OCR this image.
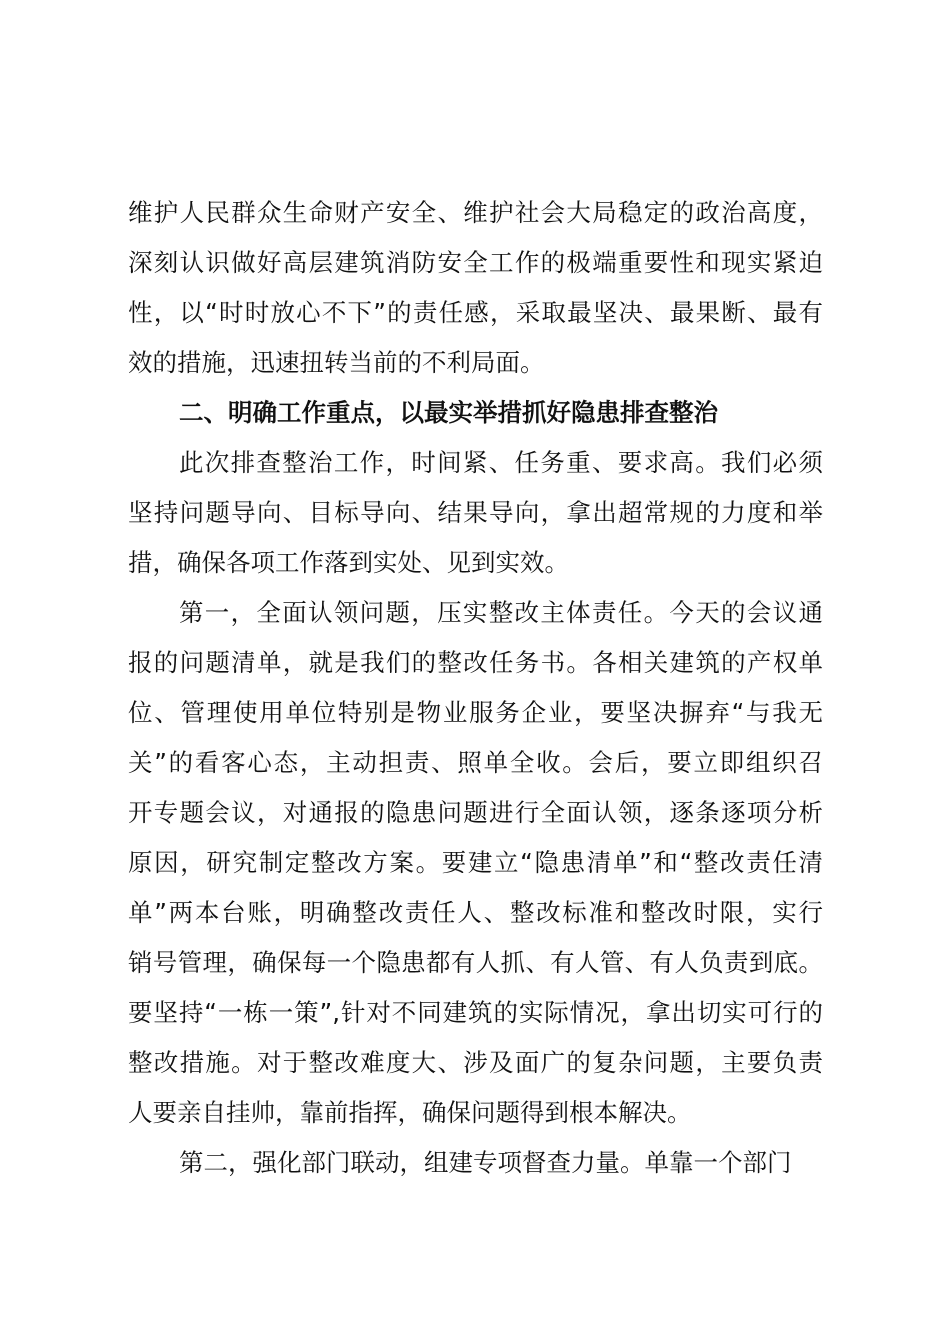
维护人民群众生命财产安全、维护社会大局稳定的政治高度，
深刻认识做好高层建筑消防安全工作的极端重要性和现实紧迫
性，以“时时放心不下”的责任感，采取最坚决、最果断、最有
效的措施，迅速扭转当前的不利局面。
二、明确工作重点，以最实举措抓好隐患排查整治
此次排查整治工作，时间紧、任务重、要求高。我们必须
坚持问题导向、目标导向、结果导向，拿出超常规的力度和举
措，确保各项工作落到实处、见到实效。
第一，全面认领问题，压实整改主体责任。今天的会议通
报的问题清单，就是我们的整改任务书。各相关建筑的产权单
位、管理使用单位特别是物业服务企业，要坚决摒弃“与我无
关”的看客心态，主动担责、照单全收。会后，要立即组织召
开专题会议，对通报的隐患问题进行全面认领，逐条逐项分析
原因，研究制定整改方案。要建立“隐患清单”和“整改责任清
单”两本台账，明确整改责任人、整改标准和整改时限，实行
销号管理，确保每一个隐患都有人抓、有人管、有人负责到底。
要坚持“一栋一策”,针对不同建筑的实际情况，拿出切实可行的
整改措施。对于整改难度大、涉及面广的复杂问题，主要负责
人要亲自挂帅，靠前指挥，确保问题得到根本解决。
第二，强化部门联动，组建专项督查力量。单靠一个部门
